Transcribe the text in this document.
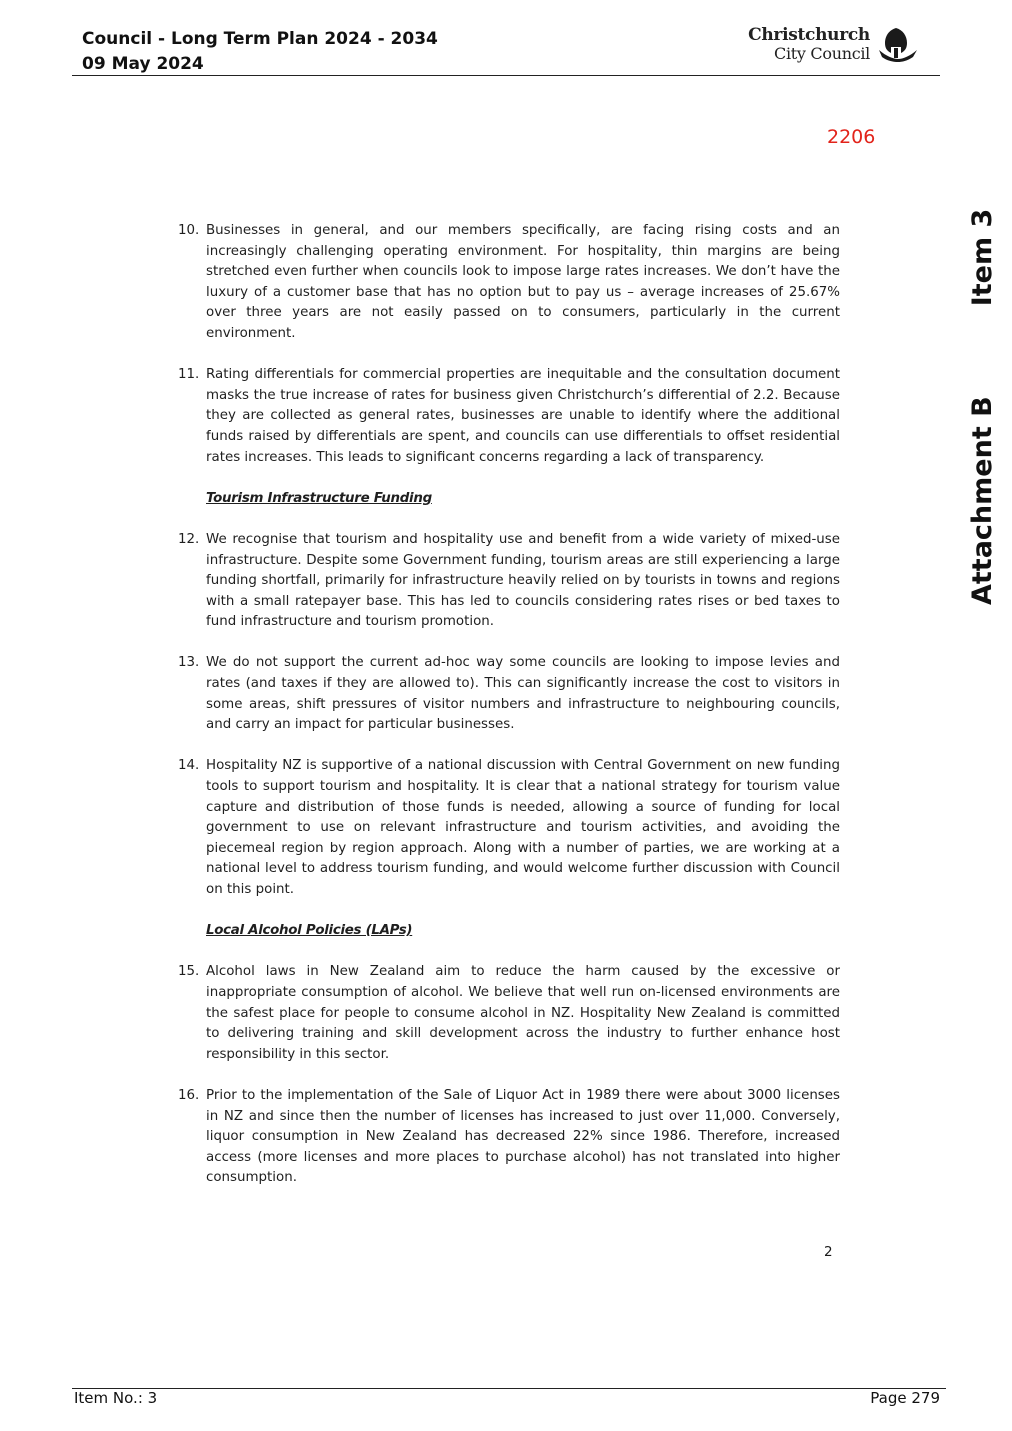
Council - Long Term Plan 2024 - 2034
09 May 2024
Christchurch
City Council
2206
Attachment B
Item 3
10. Businesses in general, and our members specifically, are facing rising costs and an increasingly challenging operating environment. For hospitality, thin margins are being stretched even further when councils look to impose large rates increases. We don’t have the luxury of a customer base that has no option but to pay us – average increases of 25.67% over three years are not easily passed on to consumers, particularly in the current environment.
11. Rating differentials for commercial properties are inequitable and the consultation document masks the true increase of rates for business given Christchurch’s differential of 2.2. Because they are collected as general rates, businesses are unable to identify where the additional funds raised by differentials are spent, and councils can use differentials to offset residential rates increases. This leads to significant concerns regarding a lack of transparency.
Tourism Infrastructure Funding
12. We recognise that tourism and hospitality use and benefit from a wide variety of mixed-use infrastructure. Despite some Government funding, tourism areas are still experiencing a large funding shortfall, primarily for infrastructure heavily relied on by tourists in towns and regions with a small ratepayer base. This has led to councils considering rates rises or bed taxes to fund infrastructure and tourism promotion.
13. We do not support the current ad-hoc way some councils are looking to impose levies and rates (and taxes if they are allowed to). This can significantly increase the cost to visitors in some areas, shift pressures of visitor numbers and infrastructure to neighbouring councils, and carry an impact for particular businesses.
14. Hospitality NZ is supportive of a national discussion with Central Government on new funding tools to support tourism and hospitality. It is clear that a national strategy for tourism value capture and distribution of those funds is needed, allowing a source of funding for local government to use on relevant infrastructure and tourism activities, and avoiding the piecemeal region by region approach. Along with a number of parties, we are working at a national level to address tourism funding, and would welcome further discussion with Council on this point.
Local Alcohol Policies (LAPs)
15. Alcohol laws in New Zealand aim to reduce the harm caused by the excessive or inappropriate consumption of alcohol. We believe that well run on-licensed environments are the safest place for people to consume alcohol in NZ. Hospitality New Zealand is committed to delivering training and skill development across the industry to further enhance host responsibility in this sector.
16. Prior to the implementation of the Sale of Liquor Act in 1989 there were about 3000 licenses in NZ and since then the number of licenses has increased to just over 11,000. Conversely, liquor consumption in New Zealand has decreased 22% since 1986. Therefore, increased access (more licenses and more places to purchase alcohol) has not translated into higher consumption.
2
Item No.: 3	Page 279
